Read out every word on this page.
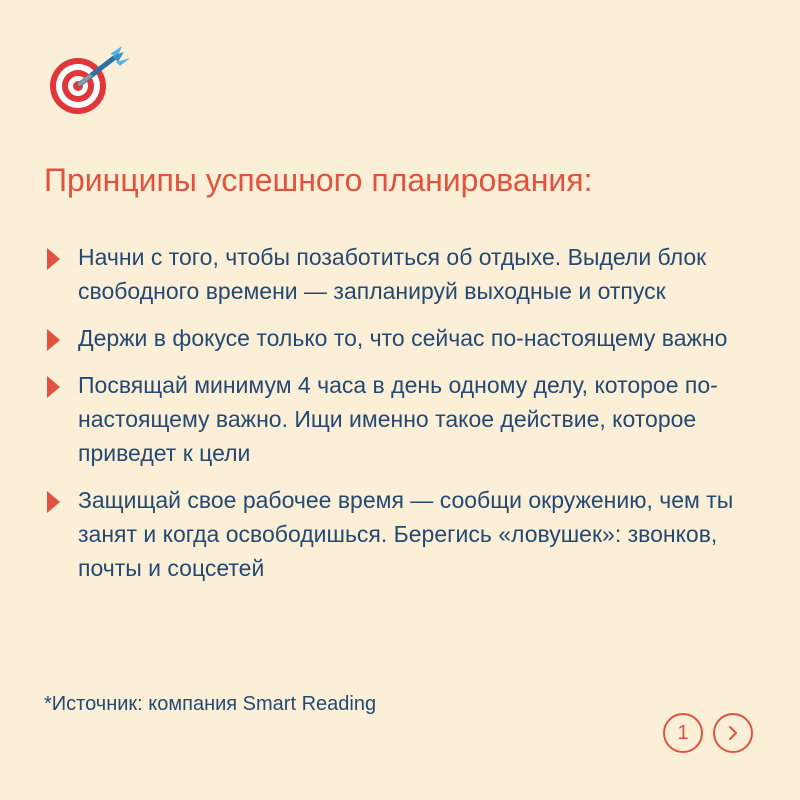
Принципы успешного планирования:
Начни с того, чтобы позаботиться об отдыхе. Выдели блок свободного времени — запланируй выходные и отпуск
Держи в фокусе только то, что сейчас по-настоящему важно
Посвящай минимум 4 часа в день одному делу, которое по-настоящему важно. Ищи именно такое действие, которое приведет к цели
Защищай свое рабочее время — сообщи окружению, чем ты занят и когда освободишься. Берегись «ловушек»: звонков, почты и соцсетей
*Источник: компания Smart Reading
1
